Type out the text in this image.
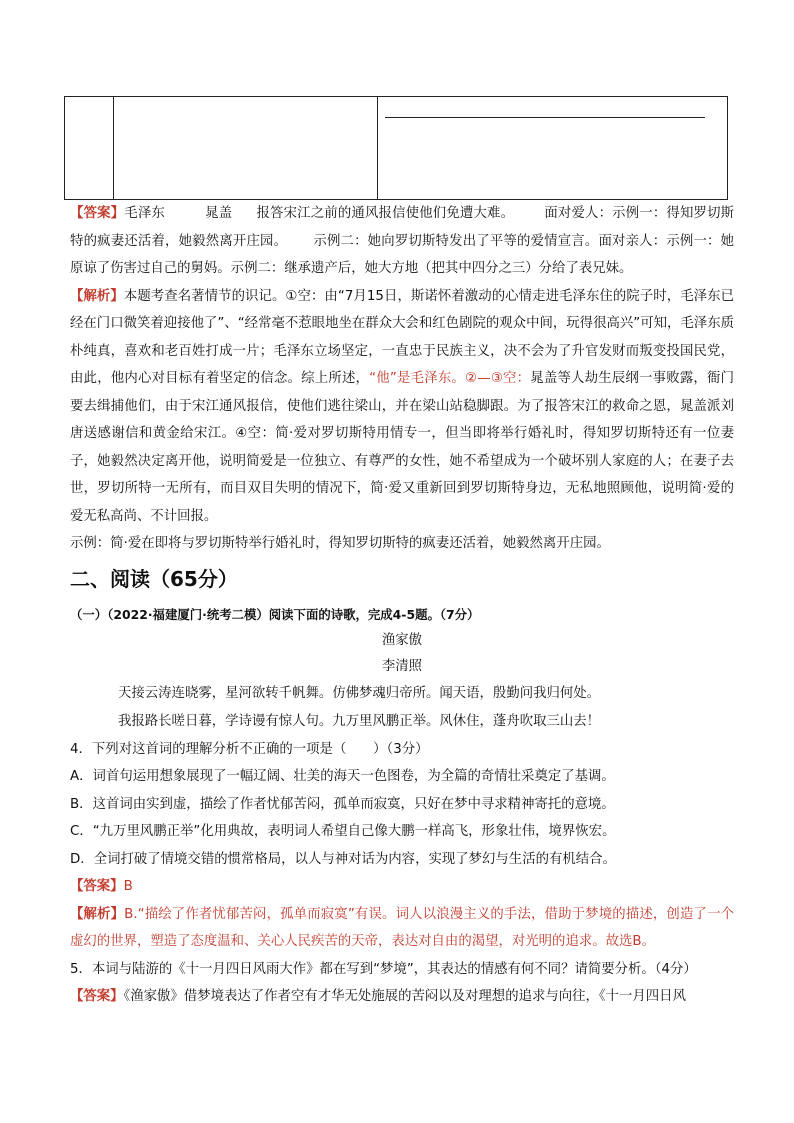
【答案】毛泽东	晁盖 报答宋江之前的通风报信使他们免遭大难。 面对爱人：示例一：得知罗切斯特的疯妻还活着，她毅然离开庄园。 示例二：她向罗切斯特发出了平等的爱情宣言。面对亲人：示例一：她原谅了伤害过自己的舅妈。示例二：继承遗产后，她大方地（把其中四分之三）分给了表兄妹。

【解析】本题考查名著情节的识记。①空：由“7月15日，斯诺怀着激动的心情走进毛泽东住的院子时，毛泽东已经在门口微笑着迎接他了”、“经常毫不惹眼地坐在群众大会和红色剧院的观众中间，玩得很高兴”可知，毛泽东质朴纯真，喜欢和老百姓打成一片；毛泽东立场坚定，一直忠于民族主义，决不会为了升官发财而叛变投国民党，由此，他内心对目标有着坚定的信念。综上所述，“他”是毛泽东。②—③空：晁盖等人劫生辰纲一事败露，衙门要去缉捕他们，由于宋江通风报信，使他们逃往梁山，并在梁山站稳脚跟。为了报答宋江的救命之恩，晁盖派刘唐送感谢信和黄金给宋江。④空：简·爱对罗切斯特用情专一，但当即将举行婚礼时，得知罗切斯特还有一位妻子，她毅然决定离开他，说明简爱是一位独立、有尊严的女性，她不希望成为一个破坏别人家庭的人；在妻子去世，罗切所特一无所有，而目双目失明的情况下，简·爱又重新回到罗切斯特身边，无私地照顾他，说明简·爱的爱无私高尚、不计回报。

示例：简·爱在即将与罗切斯特举行婚礼时，得知罗切斯特的疯妻还活着，她毅然离开庄园。

二、阅读（65分）

（一）（2022·福建厦门·统考二模）阅读下面的诗歌，完成4-5题。（7分）

渔家傲

李清照

天接云涛连晓雾，星河欲转千帆舞。仿佛梦魂归帝所。闻天语，殷勤问我归何处。

我报路长嗟日暮，学诗谩有惊人句。九万里风鹏正举。风休住，蓬舟吹取三山去！

4．下列对这首词的理解分析不正确的一项是（　　）（3分）

A．词首句运用想象展现了一幅辽阔、壮美的海天一色图卷，为全篇的奇情壮采奠定了基调。

B．这首词由实到虚，描绘了作者忧郁苦闷，孤单而寂寞，只好在梦中寻求精神寄托的意境。

C．“九万里风鹏正举”化用典故，表明词人希望自己像大鹏一样高飞，形象壮伟，境界恢宏。

D．全词打破了情境交错的惯常格局，以人与神对话为内容，实现了梦幻与生活的有机结合。

【答案】B

【解析】B.“描绘了作者忧郁苦闷，孤单而寂寞”有误。词人以浪漫主义的手法，借助于梦境的描述，创造了一个虚幻的世界，塑造了态度温和、关心人民疾苦的天帝，表达对自由的渴望，对光明的追求。故选B。

5．本词与陆游的《十一月四日风雨大作》都在写到“梦境”，其表达的情感有何不同？请简要分析。（4分）

【答案】《渔家傲》借梦境表达了作者空有才华无处施展的苦闷以及对理想的追求与向往，《十一月四日风
